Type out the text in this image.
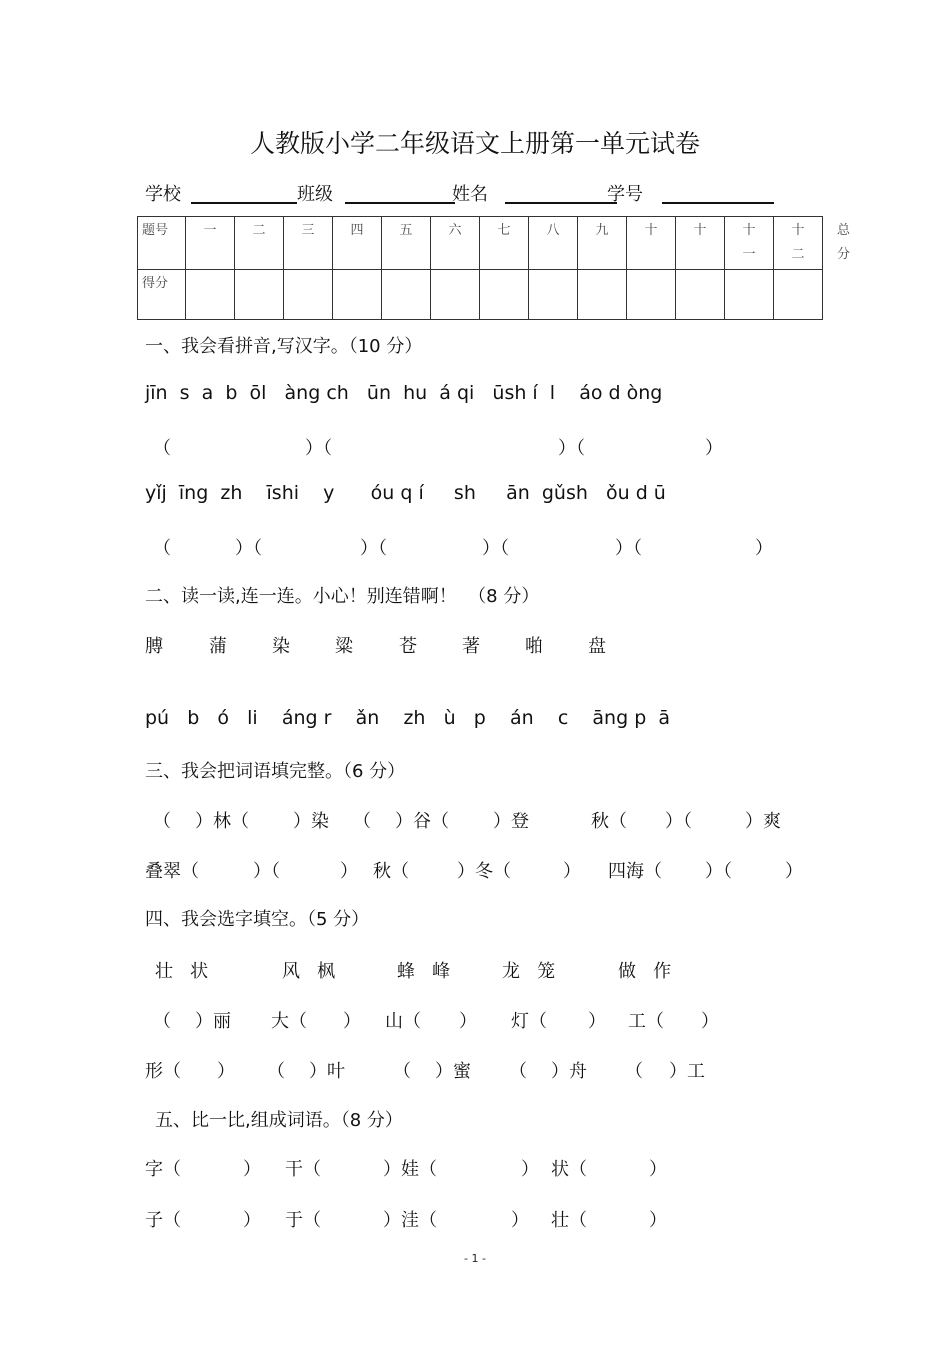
人教版小学二年级语文上册第一单元试卷
学校	班级	姓名	学号
题号	一	二	三	四	五	六	七	八	九	十	十	十一	十二	总分
得分														
一、我会看拼音,写汉字。（10 分）
jīn  s  a  b  ōl   àng ch   ūn  hu  á qi   ūsh í  l    áo d òng
（	）（	）（	）
yǐj  īng  zh    īshi    y      óu q í     sh     ān  gǔsh   ǒu d ū
（	）（	）（	）（	）（	）
二、读一读,连一连。小心！别连错啊！  （8 分）
膊	蒲	染	粱	苍	著	啪	盘
pú   b   ó   li    áng r    ǎn    zh   ù   p    án    c    āng p  ā
三、我会把词语填完整。（6 分）
（ ）林（ ）染 （ ）谷（ ）登	秋（ ）（	）爽
叠翠（	）（	） 秋（	）冬（	） 四海（ ）（	）
四、我会选字填空。（5 分）
壮   状	风   枫	蜂   峰	龙   笼	做   作
（ ）丽 大（ ） 山（ ） 灯（ ） 工（ ）
形（ ） （ ）叶	（ ）蜜 （ ）舟 （ ）工
五、比一比,组成词语。（8 分）
字（	） 干（	）娃（	） 状（	）
子（	） 于（	）洼（	） 壮（	）
- 1 -
